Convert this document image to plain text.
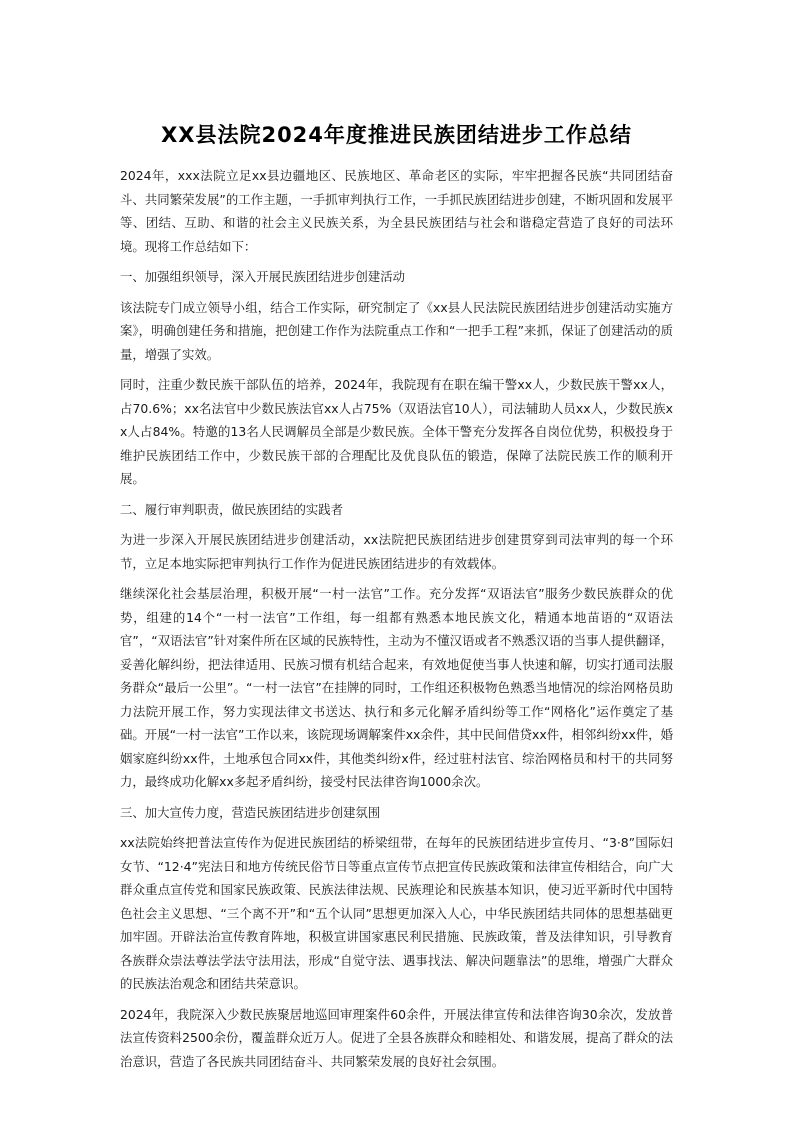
XX县法院2024年度推进民族团结进步工作总结

2024年，xxx法院立足xx县边疆地区、民族地区、革命老区的实际，牢牢把握各民族“共同团结奋斗、共同繁荣发展”的工作主题，一手抓审判执行工作，一手抓民族团结进步创建，不断巩固和发展平等、团结、互助、和谐的社会主义民族关系，为全县民族团结与社会和谐稳定营造了良好的司法环境。现将工作总结如下：

一、加强组织领导，深入开展民族团结进步创建活动

该法院专门成立领导小组，结合工作实际，研究制定了《xx县人民法院民族团结进步创建活动实施方案》，明确创建任务和措施，把创建工作作为法院重点工作和“一把手工程”来抓，保证了创建活动的质量，增强了实效。

同时，注重少数民族干部队伍的培养，2024年，我院现有在职在编干警xx人，少数民族干警xx人，占70.6%；xx名法官中少数民族法官xx人占75%（双语法官10人），司法辅助人员xx人，少数民族xx人占84%。特邀的13名人民调解员全部是少数民族。全体干警充分发挥各自岗位优势，积极投身于维护民族团结工作中，少数民族干部的合理配比及优良队伍的锻造，保障了法院民族工作的顺利开展。

二、履行审判职责，做民族团结的实践者

为进一步深入开展民族团结进步创建活动，xx法院把民族团结进步创建贯穿到司法审判的每一个环节，立足本地实际把审判执行工作作为促进民族团结进步的有效载体。

继续深化社会基层治理，积极开展“一村一法官”工作。充分发挥“双语法官”服务少数民族群众的优势，组建的14个“一村一法官”工作组，每一组都有熟悉本地民族文化，精通本地苗语的“双语法官”，“双语法官”针对案件所在区域的民族特性，主动为不懂汉语或者不熟悉汉语的当事人提供翻译，妥善化解纠纷，把法律适用、民族习惯有机结合起来，有效地促使当事人快速和解，切实打通司法服务群众“最后一公里”。“一村一法官”在挂牌的同时，工作组还积极物色熟悉当地情况的综治网格员助力法院开展工作，努力实现法律文书送达、执行和多元化解矛盾纠纷等工作“网格化”运作奠定了基础。开展“一村一法官”工作以来，该院现场调解案件xx余件，其中民间借贷xx件，相邻纠纷xx件，婚姻家庭纠纷xx件，土地承包合同xx件，其他类纠纷x件，经过驻村法官、综治网格员和村干的共同努力，最终成功化解xx多起矛盾纠纷，接受村民法律咨询1000余次。

三、加大宣传力度，营造民族团结进步创建氛围

xx法院始终把普法宣传作为促进民族团结的桥梁纽带，在每年的民族团结进步宣传月、“3·8”国际妇女节、“12·4”宪法日和地方传统民俗节日等重点宣传节点把宣传民族政策和法律宣传相结合，向广大群众重点宣传党和国家民族政策、民族法律法规、民族理论和民族基本知识，使习近平新时代中国特色社会主义思想、“三个离不开”和“五个认同”思想更加深入人心，中华民族团结共同体的思想基础更加牢固。开辟法治宣传教育阵地，积极宣讲国家惠民利民措施、民族政策，普及法律知识，引导教育各族群众崇法尊法学法守法用法，形成“自觉守法、遇事找法、解决问题靠法”的思维，增强广大群众的民族法治观念和团结共荣意识。

2024年，我院深入少数民族聚居地巡回审理案件60余件，开展法律宣传和法律咨询30余次，发放普法宣传资料2500余份，覆盖群众近万人。促进了全县各族群众和睦相处、和谐发展，提高了群众的法治意识，营造了各民族共同团结奋斗、共同繁荣发展的良好社会氛围。
